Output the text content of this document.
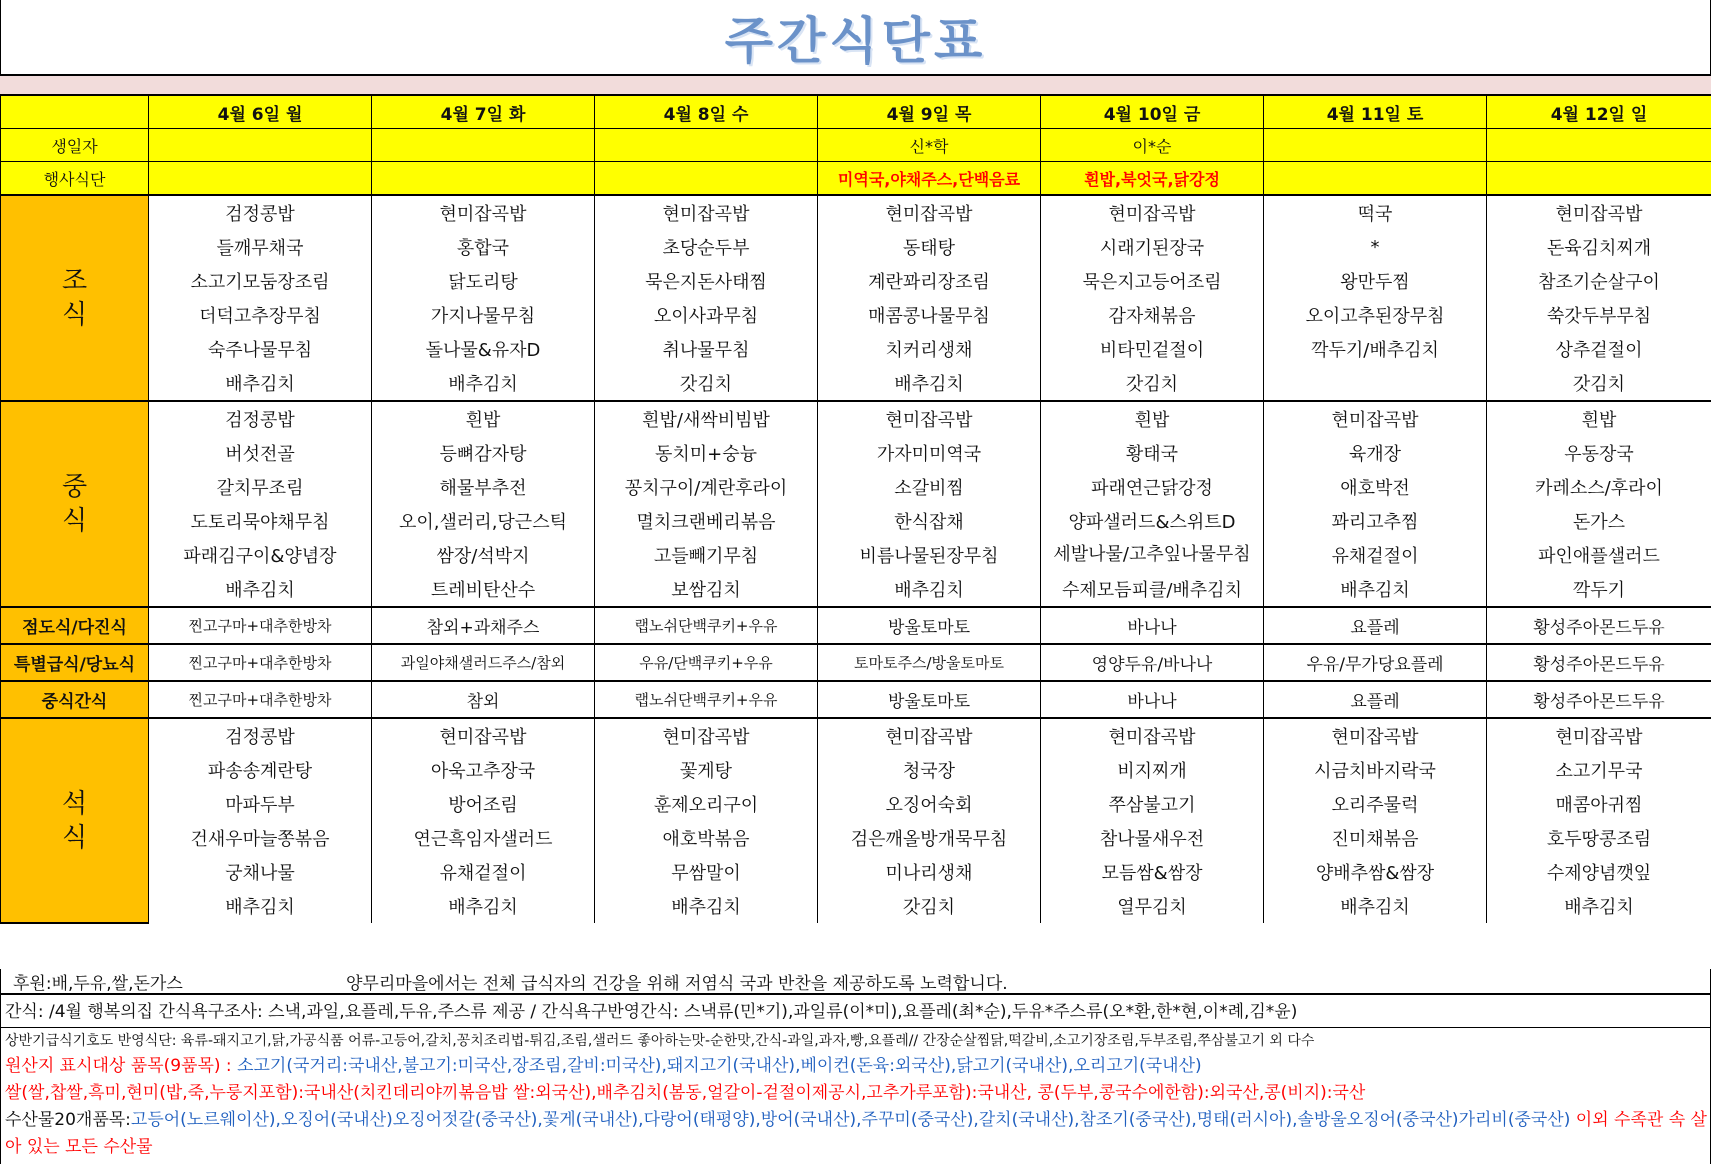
주간식단표
	4월 6일 월	4월 7일 화	4월 8일 수	4월 9일 목	4월 10일 금	4월 11일 토	4월 12일 일
생일자				신*학	이*순		
행사식단				미역국,야채주스,단백음료	흰밥,북엇국,닭강정		

조
식	검정콩밥	현미잡곡밥	현미잡곡밥	현미잡곡밥	현미잡곡밥	떡국	현미잡곡밥
	들깨무채국	홍합국	초당순두부	동태탕	시래기된장국	*	돈육김치찌개
	소고기모둠장조림	닭도리탕	묵은지돈사태찜	계란꽈리장조림	묵은지고등어조림	왕만두찜	참조기순살구이
	더덕고추장무침	가지나물무침	오이사과무침	매콤콩나물무침	감자채볶음	오이고추된장무침	쑥갓두부무침
	숙주나물무침	돌나물&유자D	취나물무침	치커리생채	비타민겉절이	깍두기/배추김치	상추겉절이
	배추김치	배추김치	갓김치	배추김치	갓김치		갓김치

중
식	검정콩밥	흰밥	흰밥/새싹비빔밥	현미잡곡밥	흰밥	현미잡곡밥	흰밥
	버섯전골	등뼈감자탕	동치미+숭늉	가자미미역국	황태국	육개장	우동장국
	갈치무조림	해물부추전	꽁치구이/계란후라이	소갈비찜	파래연근닭강정	애호박전	카레소스/후라이
	도토리묵야채무침	오이,샐러리,당근스틱	멸치크랜베리볶음	한식잡채	양파샐러드&스위트D	꽈리고추찜	돈가스
	파래김구이&양념장	쌈장/석박지	고들빼기무침	비름나물된장무침	세발나물/고추잎나물무침	유채겉절이	파인애플샐러드
	배추김치	트레비탄산수	보쌈김치	배추김치	수제모듬피클/배추김치	배추김치	깍두기
점도식/다진식	찐고구마+대추한방차	참외+과채주스	랩노쉬단백쿠키+우유	방울토마토	바나나	요플레	황성주아몬드두유
특별급식/당뇨식	찐고구마+대추한방차	과일야채샐러드주스/참외	우유/단백쿠키+우유	토마토주스/방울토마토	영양두유/바나나	우유/무가당요플레	황성주아몬드두유
중식간식	찐고구마+대추한방차	참외	랩노쉬단백쿠키+우유	방울토마토	바나나	요플레	황성주아몬드두유

석
식	검정콩밥	현미잡곡밥	현미잡곡밥	현미잡곡밥	현미잡곡밥	현미잡곡밥	현미잡곡밥
	파송송계란탕	아욱고추장국	꽃게탕	청국장	비지찌개	시금치바지락국	소고기무국
	마파두부	방어조림	훈제오리구이	오징어숙회	쭈삼불고기	오리주물럭	매콤아귀찜
	건새우마늘쫑볶음	연근흑임자샐러드	애호박볶음	검은깨올방개묵무침	참나물새우전	진미채볶음	호두땅콩조림
	궁채나물	유채겉절이	무쌈말이	미나리생채	모듬쌈&쌈장	양배추쌈&쌈장	수제양념깻잎
	배추김치	배추김치	배추김치	갓김치	열무김치	배추김치	배추김치
후원:배,두유,쌀,돈가스	양무리마을에서는 전체 급식자의 건강을 위해 저염식 국과 반찬을 제공하도록 노력합니다.
간식: /4월 행복의집 간식욕구조사: 스낵,과일,요플레,두유,주스류 제공 / 간식욕구반영간식: 스낵류(민*기),과일류(이*미),요플레(최*순),두유*주스류(오*환,한*현,이*례,김*윤)
상반기급식기호도 반영식단: 육류-돼지고기,닭,가공식품 어류-고등어,갈치,꽁치조리법-튀김,조림,샐러드 좋아하는맛-순한맛,간식-과일,과자,빵,요플레// 간장순살찜닭,떡갈비,소고기장조림,두부조림,쭈삼불고기 외 다수
원산지 표시대상 품목(9품목) : 소고기(국거리:국내산,불고기:미국산,장조림,갈비:미국산),돼지고기(국내산),베이컨(돈육:외국산),닭고기(국내산),오리고기(국내산)
쌀(쌀,찹쌀,흑미,현미(밥,죽,누룽지포함):국내산(치킨데리야끼볶음밥 쌀:외국산),배추김치(봄동,얼갈이-겉절이제공시,고추가루포함):국내산, 콩(두부,콩국수에한함):외국산,콩(비지):국산
수산물20개품목:고등어(노르웨이산),오징어(국내산)오징어젓갈(중국산),꽃게(국내산),다랑어(태평양),방어(국내산),주꾸미(중국산),갈치(국내산),참조기(중국산),명태(러시아),솔방울오징어(중국산)가리비(중국산) 이외 수족관 속 살아 있는 모든 수산물
